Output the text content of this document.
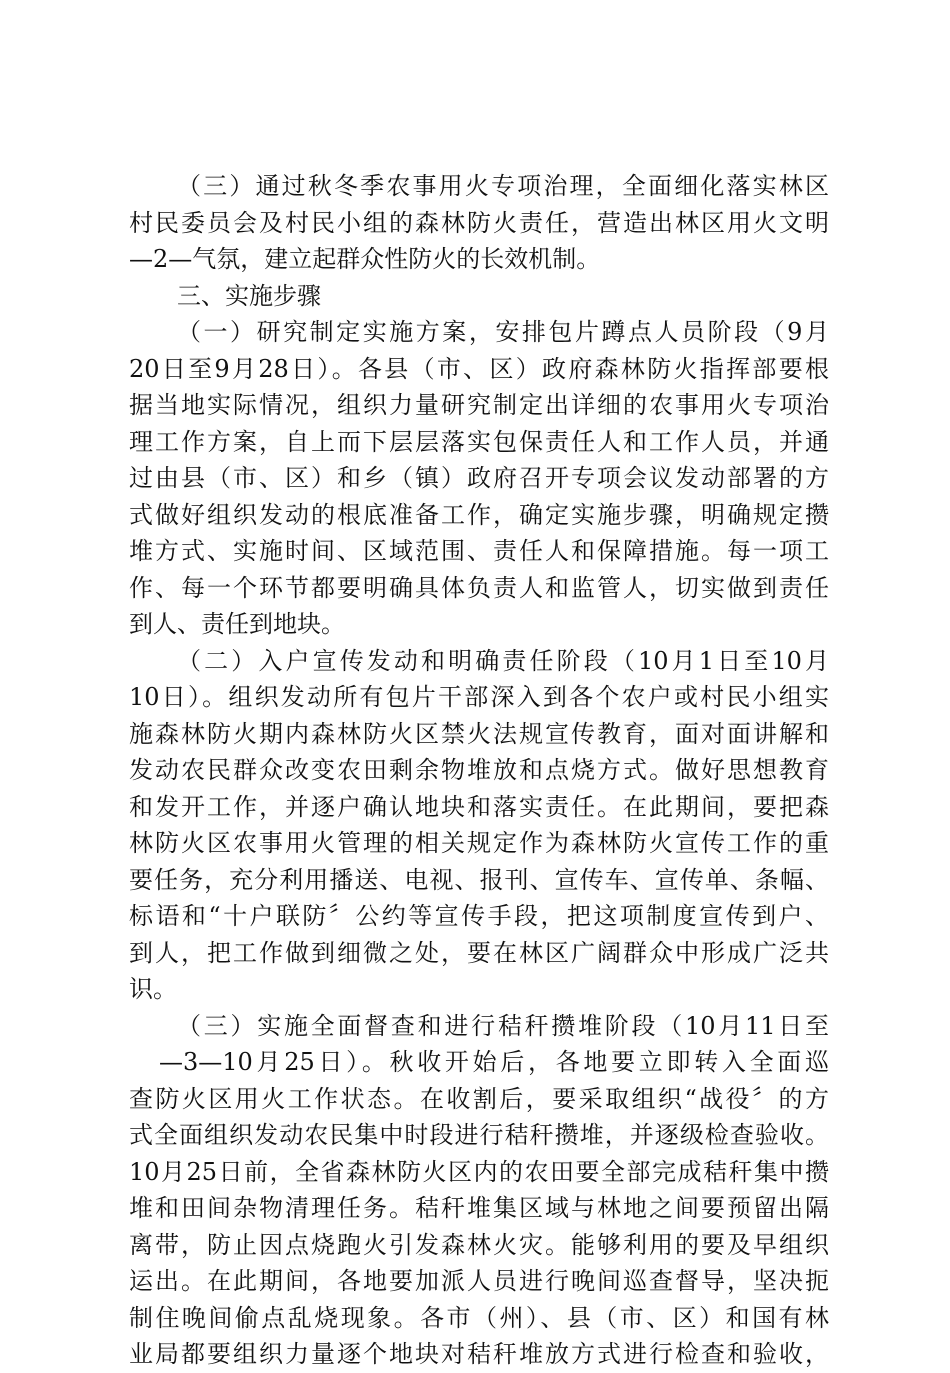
（三）通过秋冬季农事用火专项治理，全面细化落实林区
村民委员会及村民小组的森林防火责任，营造出林区用火文明
—2—气氛，建立起群众性防火的长效机制。
三、实施步骤
（一）研究制定实施方案，安排包片蹲点人员阶段（9月
20日至9月28日）。各县（市、区）政府森林防火指挥部要根
据当地实际情况，组织力量研究制定出详细的农事用火专项治
理工作方案，自上而下层层落实包保责任人和工作人员，并通
过由县（市、区）和乡（镇）政府召开专项会议发动部署的方
式做好组织发动的根底准备工作，确定实施步骤，明确规定攒
堆方式、实施时间、区域范围、责任人和保障措施。每一项工
作、每一个环节都要明确具体负责人和监管人，切实做到责任
到人、责任到地块。
（二）入户宣传发动和明确责任阶段（10月1日至10月
10日）。组织发动所有包片干部深入到各个农户或村民小组实
施森林防火期内森林防火区禁火法规宣传教育，面对面讲解和
发动农民群众改变农田剩余物堆放和点烧方式。做好思想教育
和发开工作，并逐户确认地块和落实责任。在此期间，要把森
林防火区农事用火管理的相关规定作为森林防火宣传工作的重
要任务，充分利用播送、电视、报刊、宣传车、宣传单、条幅、
标语和“十户联防〞公约等宣传手段，把这项制度宣传到户、
到人，把工作做到细微之处，要在林区广阔群众中形成广泛共
识。
（三）实施全面督查和进行秸秆攒堆阶段（10月11日至
—3—10月25日）。秋收开始后，各地要立即转入全面巡
查防火区用火工作状态。在收割后，要采取组织“战役〞的方
式全面组织发动农民集中时段进行秸秆攒堆，并逐级检查验收。
10月25日前，全省森林防火区内的农田要全部完成秸秆集中攒
堆和田间杂物清理任务。秸秆堆集区域与林地之间要预留出隔
离带，防止因点烧跑火引发森林火灾。能够利用的要及早组织
运出。在此期间，各地要加派人员进行晚间巡查督导，坚决扼
制住晚间偷点乱烧现象。各市（州）、县（市、区）和国有林
业局都要组织力量逐个地块对秸秆堆放方式进行检查和验收，
